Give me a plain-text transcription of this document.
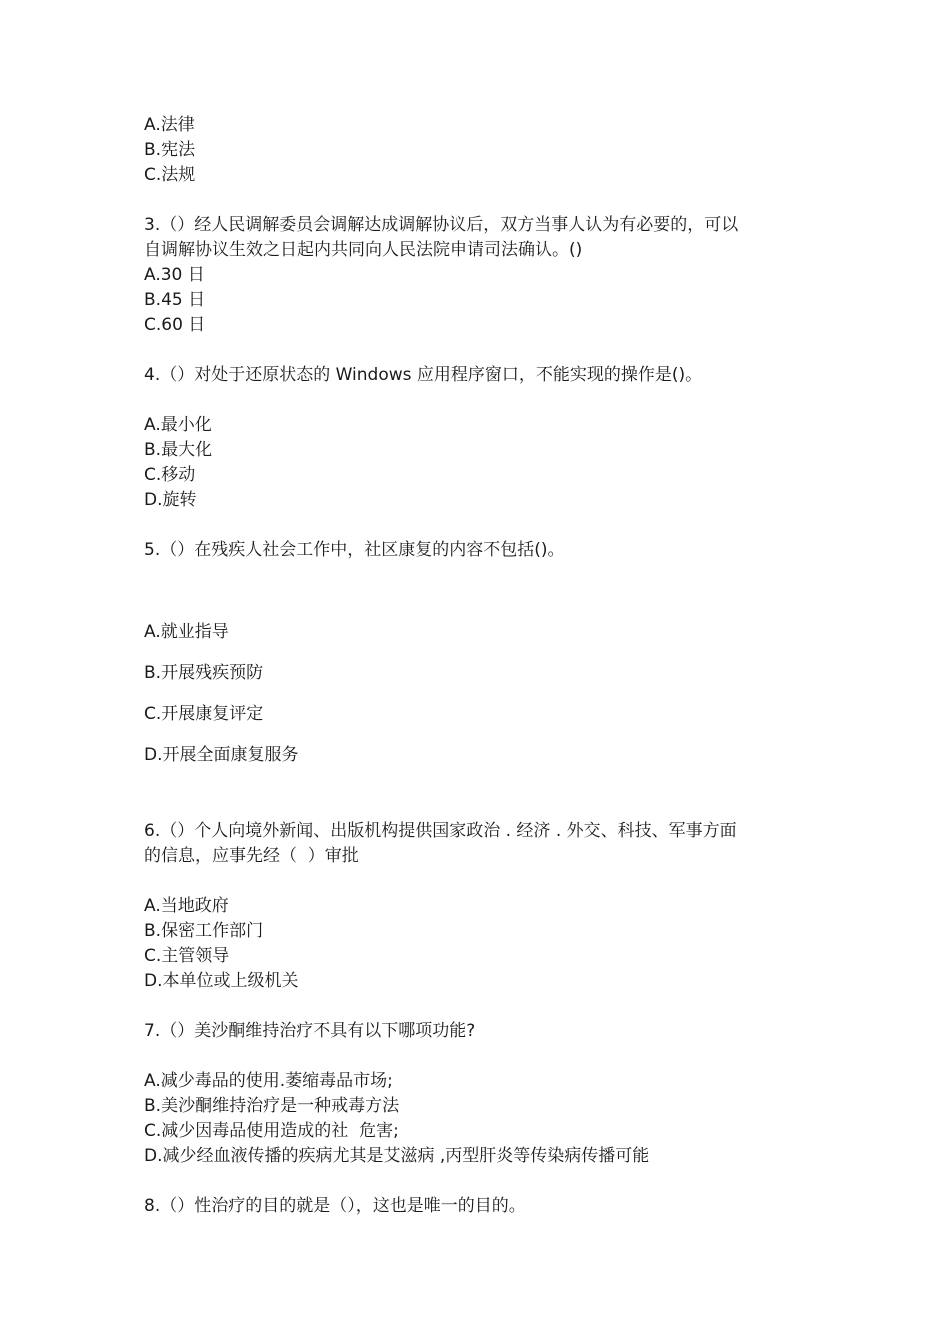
A.法律
B.宪法
C.法规
3.（）经人民调解委员会调解达成调解协议后，双方当事人认为有必要的，可以
自调解协议生效之日起内共同向人民法院申请司法确认。()
A.30 日
B.45 日
C.60 日
4.（）对处于还原状态的 Windows 应用程序窗口，不能实现的操作是()。
A.最小化
B.最大化
C.移动
D.旋转
5.（）在残疾人社会工作中，社区康复的内容不包括()。
A.就业指导
B.开展残疾预防
C.开展康复评定
D.开展全面康复服务
6.（）个人向境外新闻、出版机构提供国家政治 . 经济 . 外交、科技、军事方面
的信息，应事先经（  ）审批
A.当地政府
B.保密工作部门
C.主管领导
D.本单位或上级机关
7.（）美沙酮维持治疗不具有以下哪项功能?
A.减少毒品的使用.萎缩毒品市场;
B.美沙酮维持治疗是一种戒毒方法
C.减少因毒品使用造成的社  危害;
D.减少经血液传播的疾病尤其是艾滋病 ,丙型肝炎等传染病传播可能
8.（）性治疗的目的就是（），这也是唯一的目的。
